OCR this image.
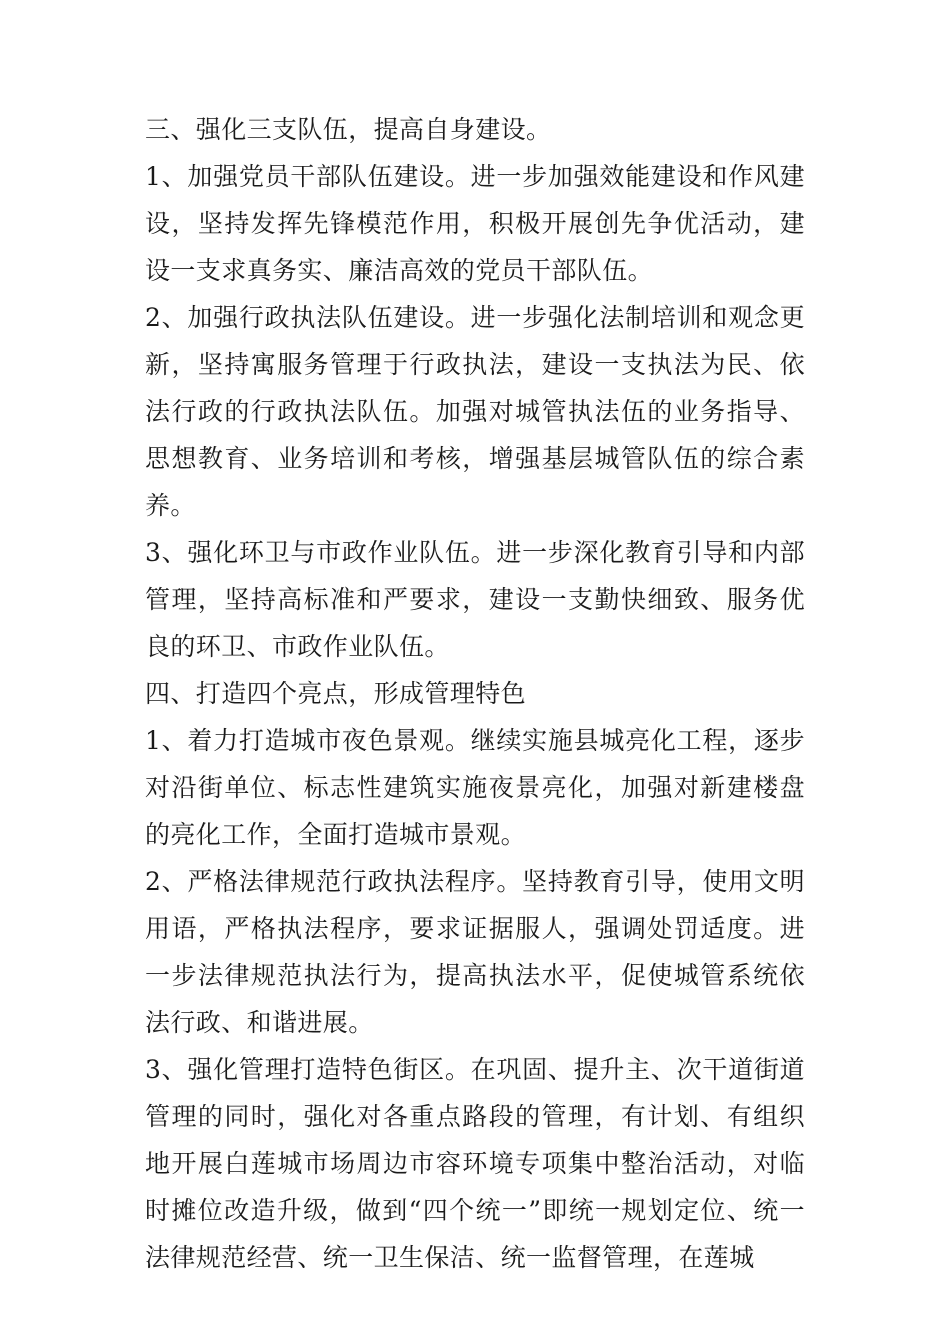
三、强化三支队伍，提高自身建设。

1、加强党员干部队伍建设。进一步加强效能建设和作风建设，坚持发挥先锋模范作用，积极开展创先争优活动，建设一支求真务实、廉洁高效的党员干部队伍。

2、加强行政执法队伍建设。进一步强化法制培训和观念更新，坚持寓服务管理于行政执法，建设一支执法为民、依法行政的行政执法队伍。加强对城管执法伍的业务指导、思想教育、业务培训和考核，增强基层城管队伍的综合素养。

3、强化环卫与市政作业队伍。进一步深化教育引导和内部管理，坚持高标准和严要求，建设一支勤快细致、服务优良的环卫、市政作业队伍。

四、打造四个亮点，形成管理特色

1、着力打造城市夜色景观。继续实施县城亮化工程，逐步对沿街单位、标志性建筑实施夜景亮化，加强对新建楼盘的亮化工作，全面打造城市景观。

2、严格法律规范行政执法程序。坚持教育引导，使用文明用语，严格执法程序，要求证据服人，强调处罚适度。进一步法律规范执法行为，提高执法水平，促使城管系统依法行政、和谐进展。

3、强化管理打造特色街区。在巩固、提升主、次干道街道管理的同时，强化对各重点路段的管理，有计划、有组织地开展白莲城市场周边市容环境专项集中整治活动，对临时摊位改造升级，做到“四个统一”即统一规划定位、统一法律规范经营、统一卫生保洁、统一监督管理，在莲城
